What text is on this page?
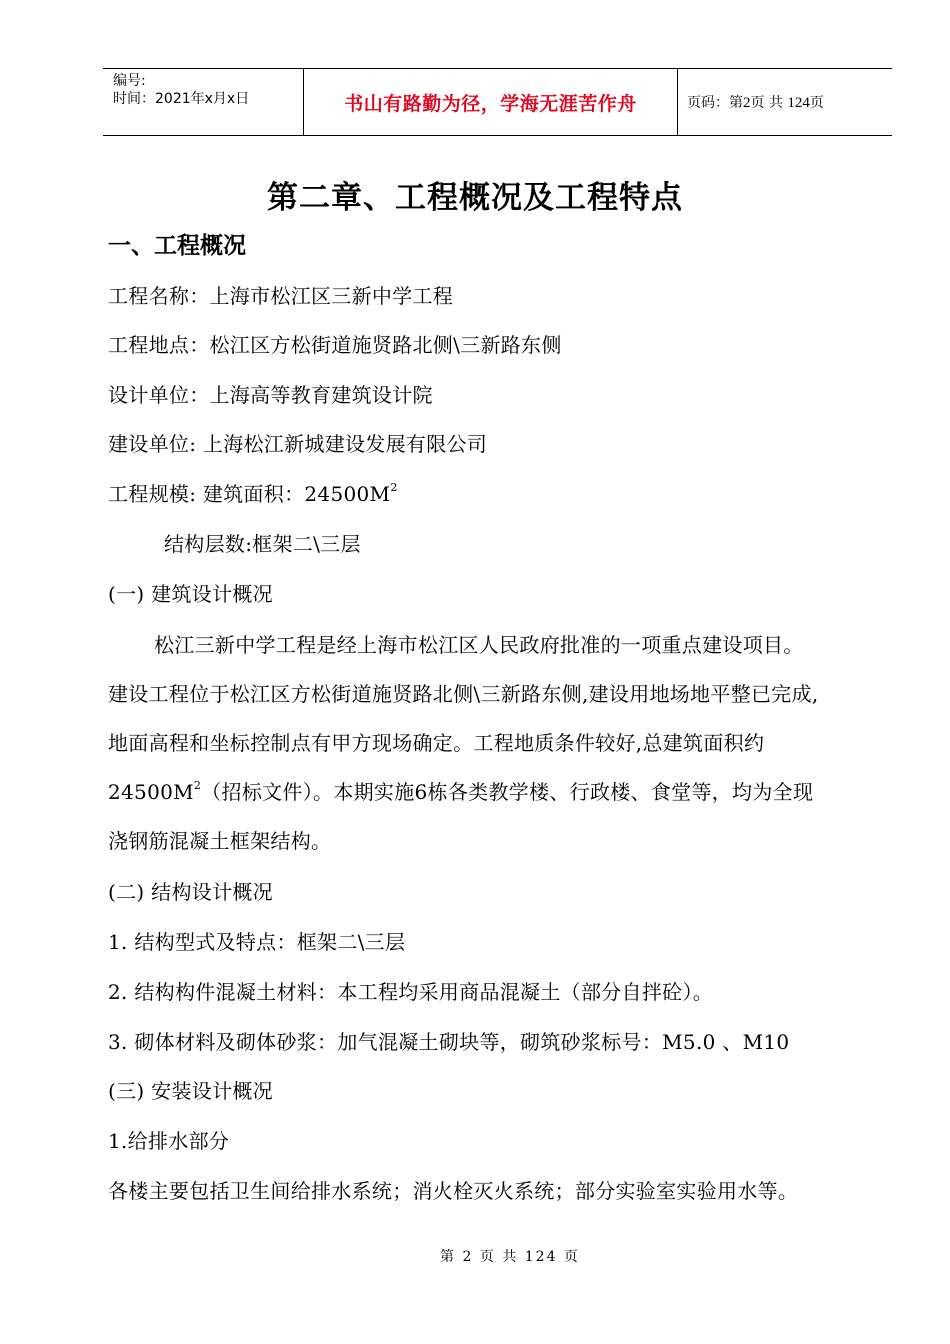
编号:
时间：2021年x月x日	书山有路勤为径，学海无涯苦作舟	页码：第2页 共 124页
第二章、工程概况及工程特点
一、工程概况
工程名称：上海市松江区三新中学工程
工程地点：松江区方松街道施贤路北侧\三新路东侧
设计单位：上海高等教育建筑设计院
建设单位: 上海松江新城建设发展有限公司
工程规模: 建筑面积：$24500M^2$
结构层数:框架二\三层
(一) 建筑设计概况
松江三新中学工程是经上海市松江区人民政府批准的一项重点建设项目。
建设工程位于松江区方松街道施贤路北侧\三新路东侧,建设用地场地平整已完成,
地面高程和坐标控制点有甲方现场确定。工程地质条件较好,总建筑面积约
$24500M^2$（招标文件）。本期实施6栋各类教学楼、行政楼、食堂等，均为全现
浇钢筋混凝土框架结构。
(二) 结构设计概况
1. 结构型式及特点：框架二\三层
2. 结构构件混凝土材料：本工程均采用商品混凝土（部分自拌砼）。
3. 砌体材料及砌体砂浆：加气混凝土砌块等，砌筑砂浆标号：M5.0 、M10
(三) 安装设计概况
1.给排水部分
各楼主要包括卫生间给排水系统；消火栓灭火系统；部分实验室实验用水等。
第 2 页 共 124 页
